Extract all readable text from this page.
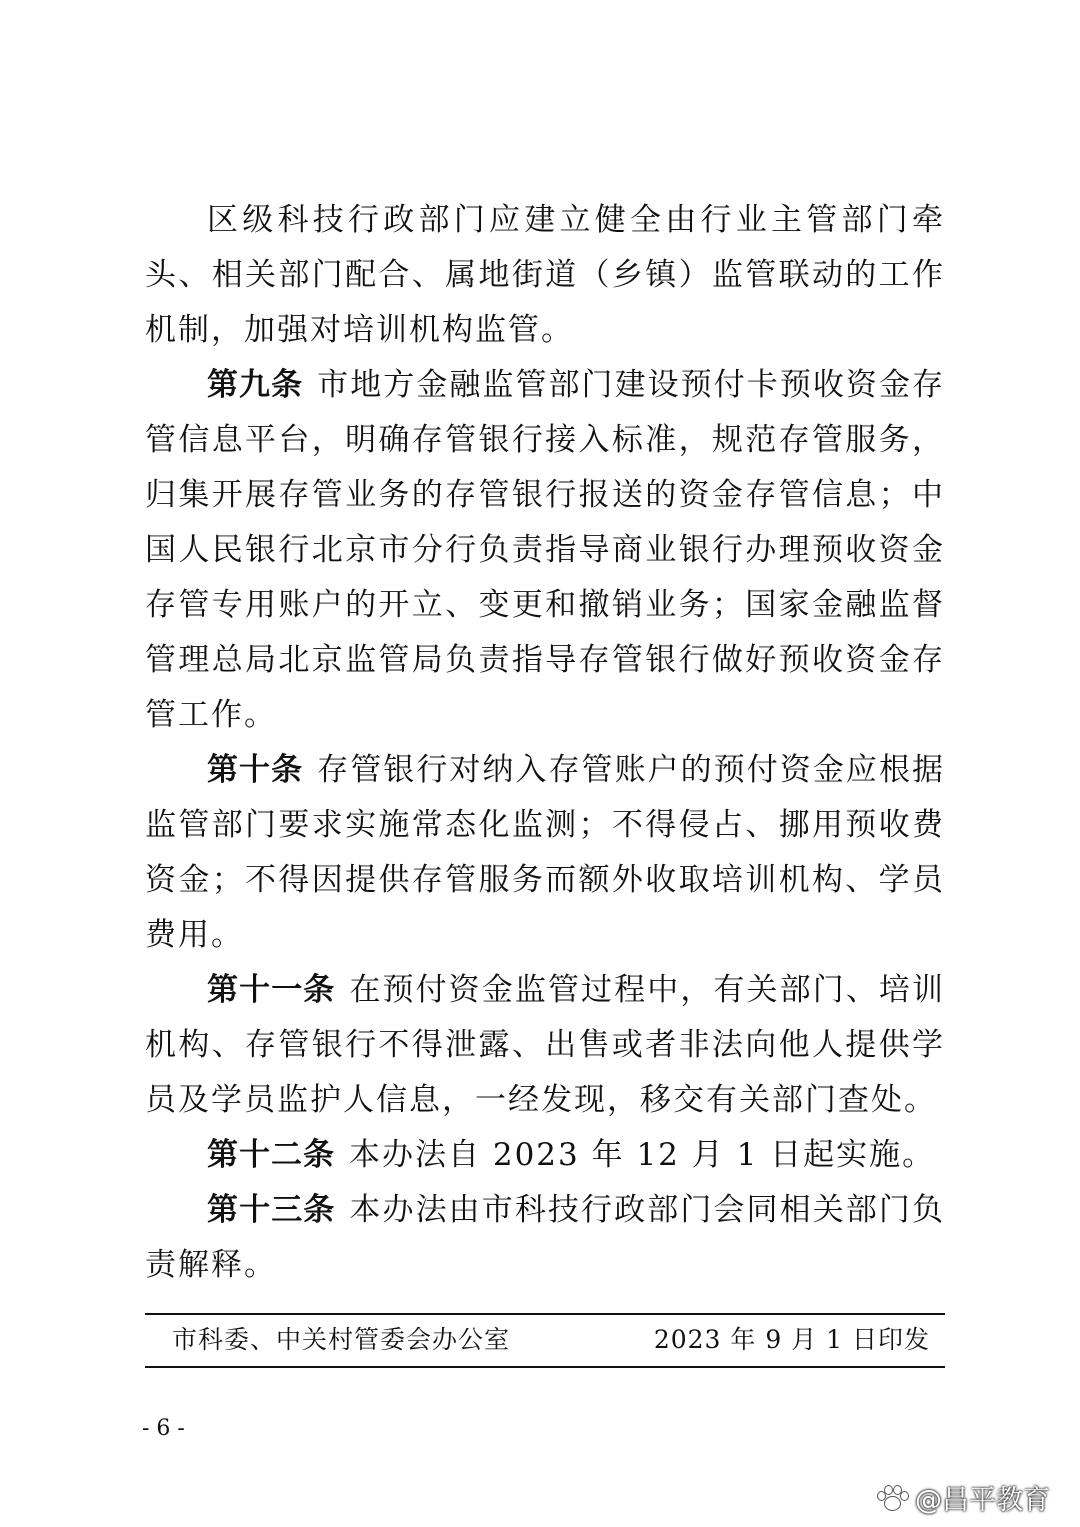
区级科技行政部门应建立健全由行业主管部门牵头、相关部门配合、属地街道（乡镇）监管联动的工作机制，加强对培训机构监管。

第九条 市地方金融监管部门建设预付卡预收资金存管信息平台，明确存管银行接入标准，规范存管服务，归集开展存管业务的存管银行报送的资金存管信息；中国人民银行北京市分行负责指导商业银行办理预收资金存管专用账户的开立、变更和撤销业务；国家金融监督管理总局北京监管局负责指导存管银行做好预收资金存管工作。

第十条 存管银行对纳入存管账户的预付资金应根据监管部门要求实施常态化监测；不得侵占、挪用预收费资金；不得因提供存管服务而额外收取培训机构、学员费用。

第十一条 在预付资金监管过程中，有关部门、培训机构、存管银行不得泄露、出售或者非法向他人提供学员及学员监护人信息，一经发现，移交有关部门查处。

第十二条 本办法自 2023 年 12 月 1 日起实施。

第十三条 本办法由市科技行政部门会同相关部门负责解释。

市科委、中关村管委会办公室	2023 年 9 月 1 日印发
- 6 -
@昌平教育
